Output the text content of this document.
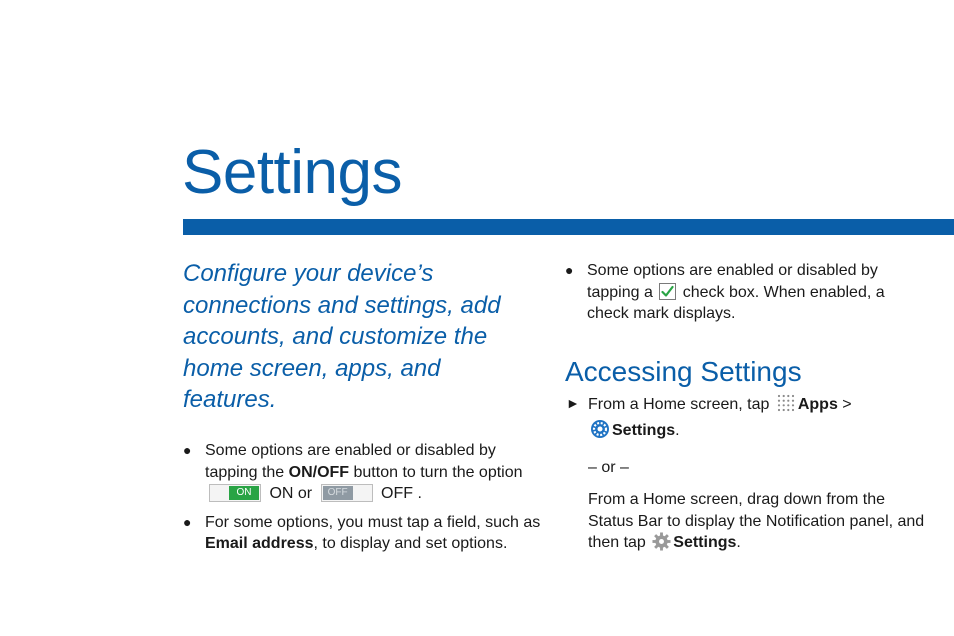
Settings

Configure your device’s connections and settings, add accounts, and customize the home screen, apps, and features.

● Some options are enabled or disabled by tapping the ON/OFF button to turn the option
ON ON or	OFF	OFF .
● For some options, you must tap a field, such as Email address, to display and set options.
● Some options are enabled or disabled by tapping a
check box. When enabled, a check mark displays.
Accessing Settings
► From a Home screen, tap Apps >
Settings.

– or –

From a Home screen, drag down from the Status Bar to display the Notification panel, and then tap Settings.
